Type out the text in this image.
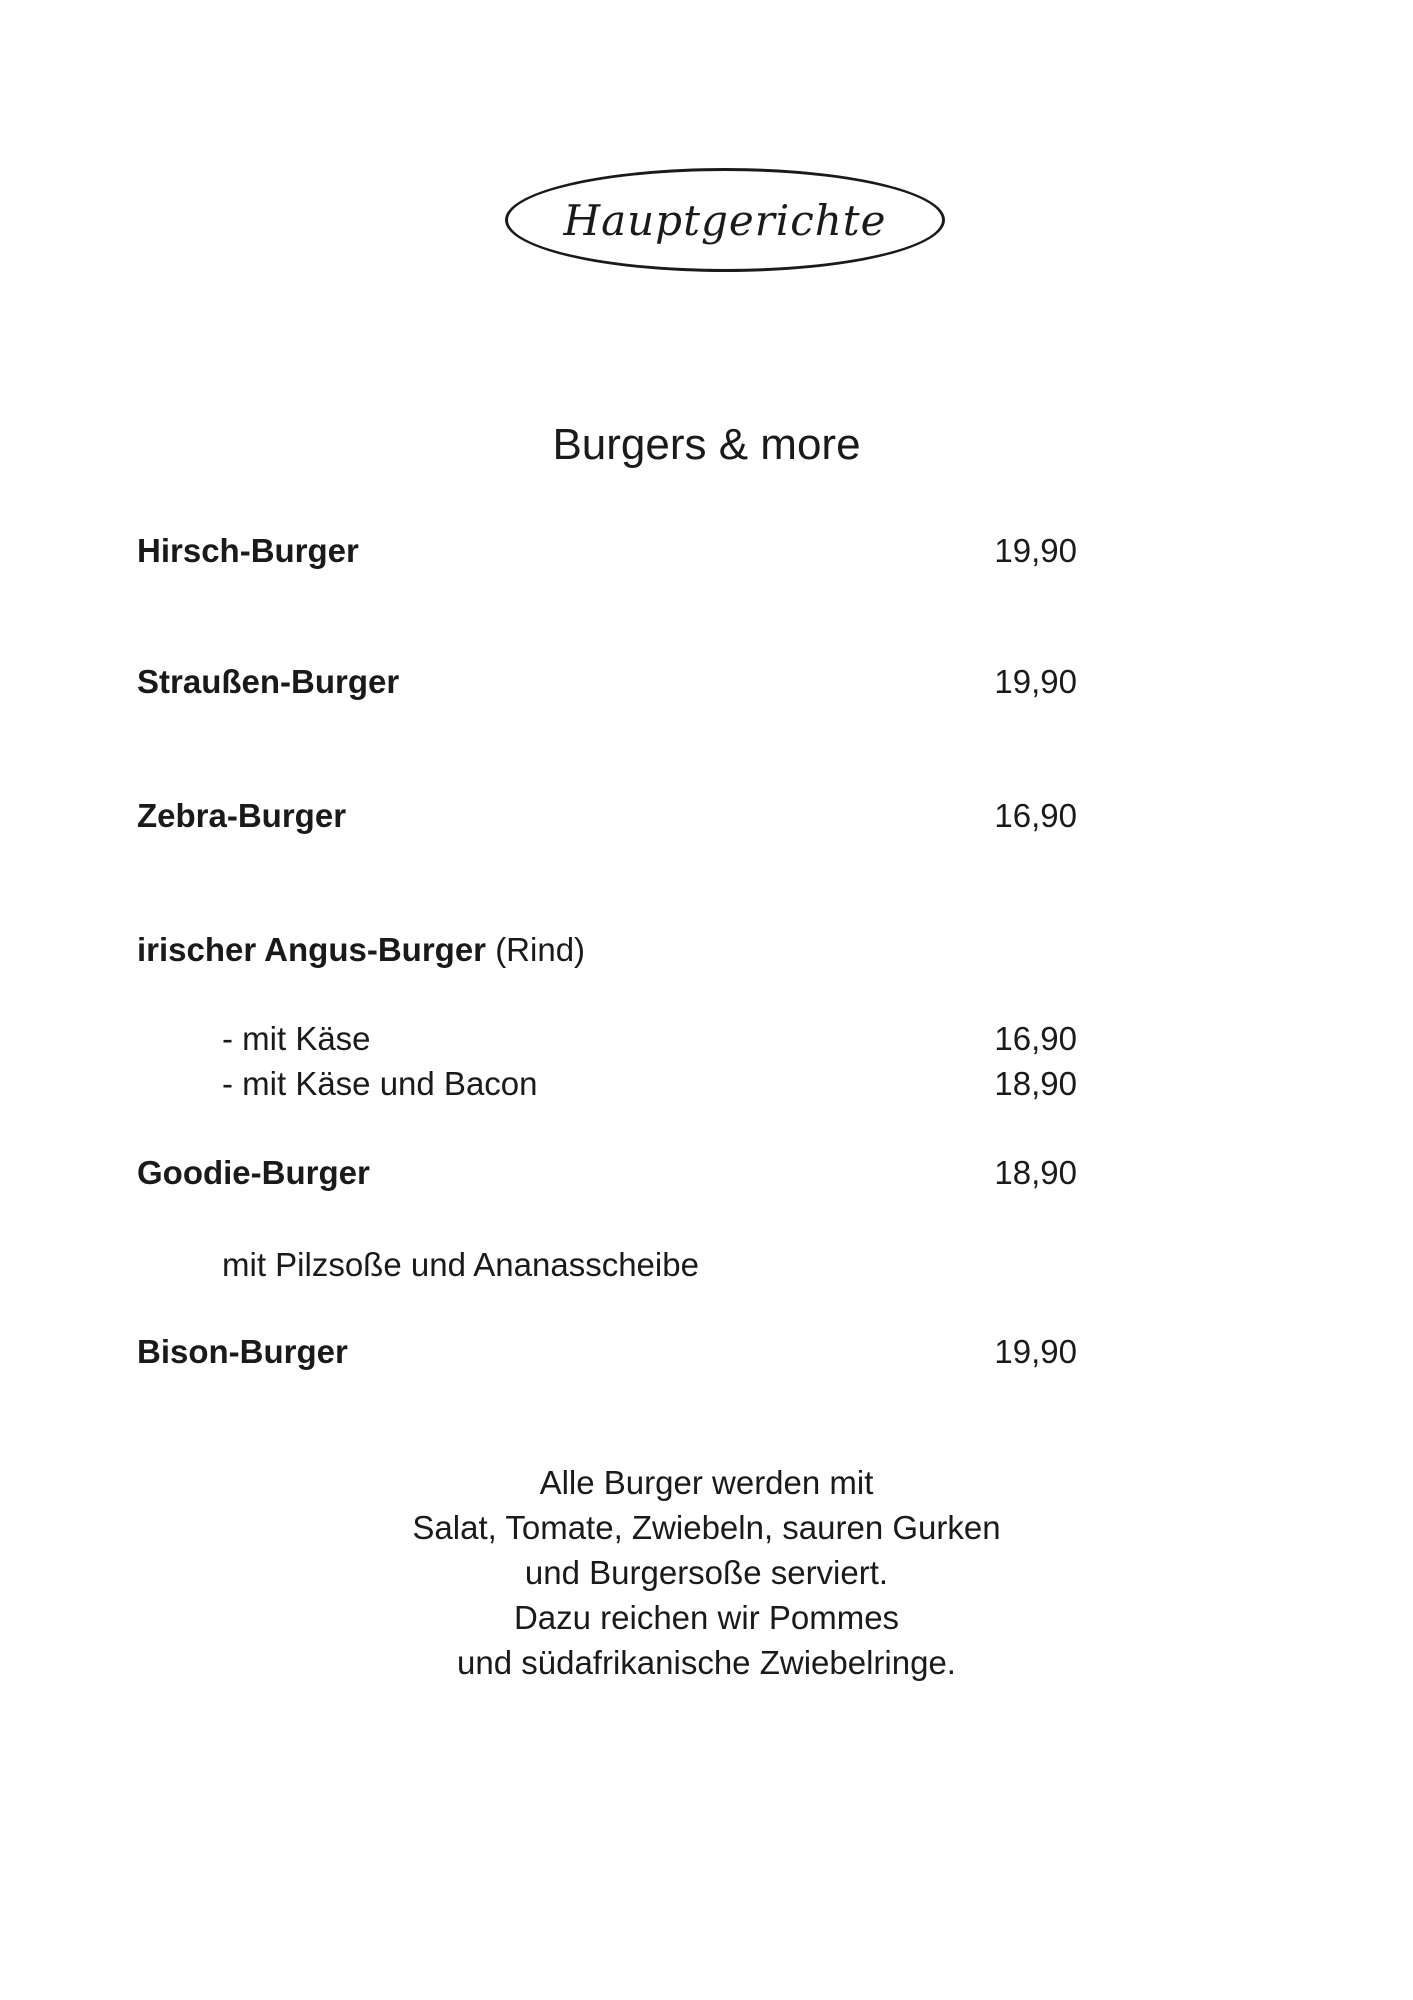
Hauptgerichte
Burgers & more
Hirsch-Burger	19,90
Straußen-Burger	19,90
Zebra-Burger	16,90
irischer Angus-Burger (Rind)
- mit Käse	16,90
- mit Käse und Bacon	18,90
Goodie-Burger	18,90
mit Pilzsoße und Ananasscheibe
Bison-Burger	19,90
Alle Burger werden mit
Salat, Tomate, Zwiebeln, sauren Gurken
und Burgersoße serviert.
Dazu reichen wir Pommes
und südafrikanische Zwiebelringe.
